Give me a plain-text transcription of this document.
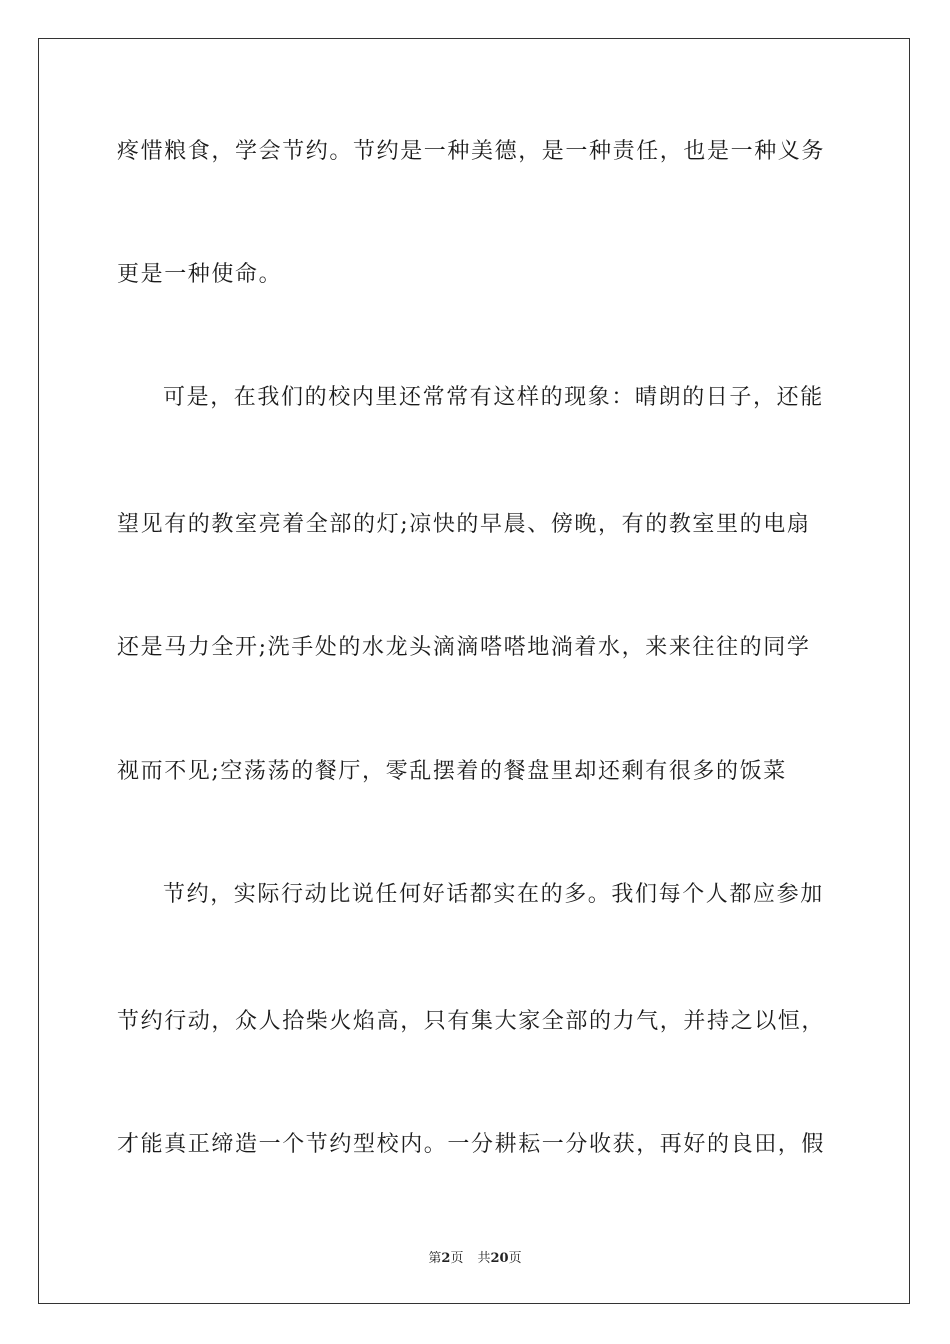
疼惜粮食，学会节约。节约是一种美德，是一种责任，也是一种义务
更是一种使命。
可是，在我们的校内里还常常有这样的现象：晴朗的日子，还能
望见有的教室亮着全部的灯;凉快的早晨、傍晚，有的教室里的电扇
还是马力全开;洗手处的水龙头滴滴嗒嗒地淌着水，来来往往的同学
视而不见;空荡荡的餐厅，零乱摆着的餐盘里却还剩有很多的饭菜
节约，实际行动比说任何好话都实在的多。我们每个人都应参加
节约行动，众人拾柴火焰高，只有集大家全部的力气，并持之以恒，
才能真正缔造一个节约型校内。一分耕耘一分收获，再好的良田，假
第2页 共20页
